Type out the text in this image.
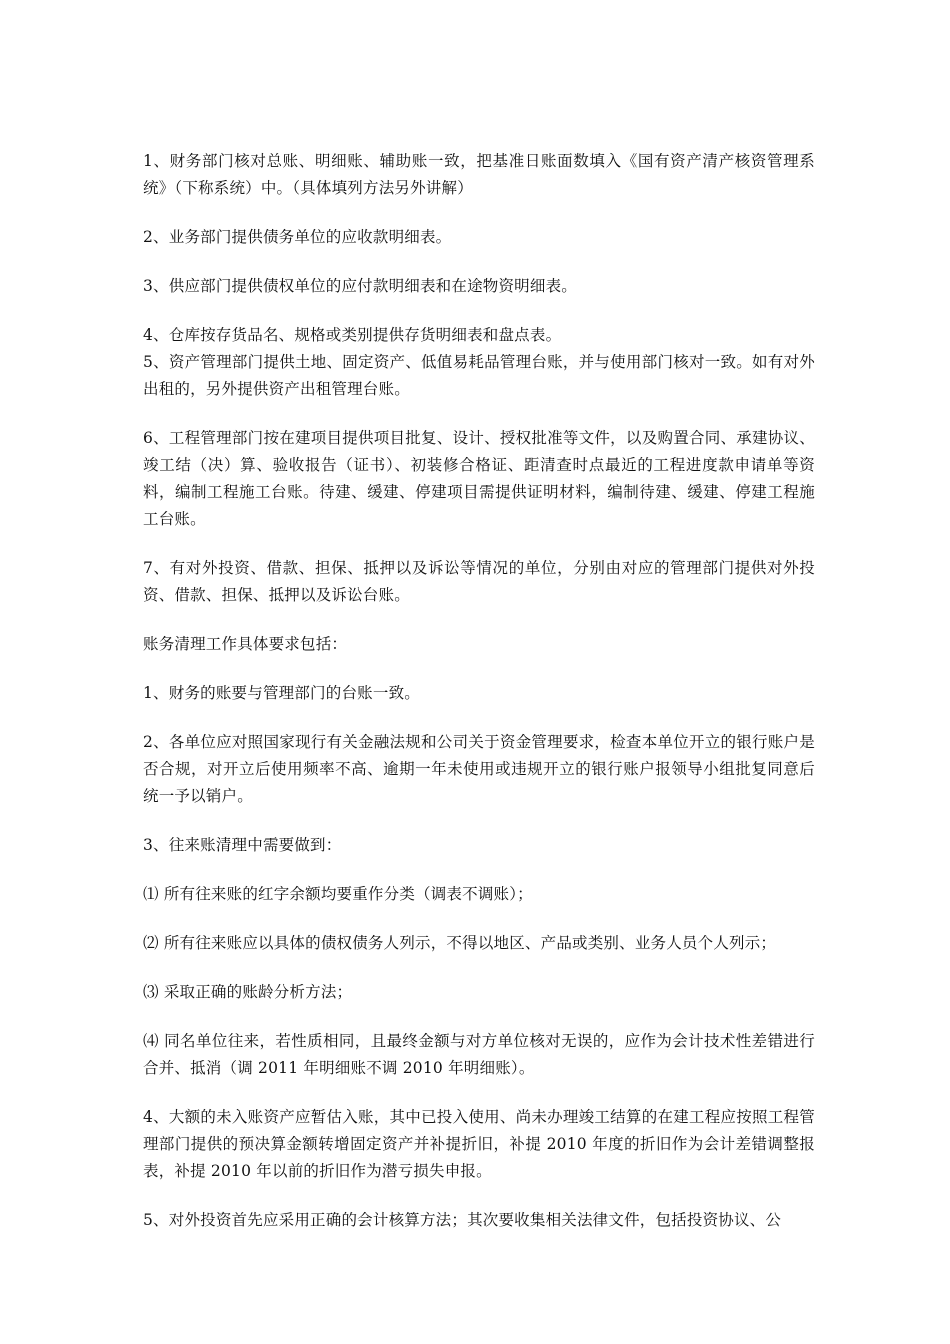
1、财务部门核对总账、明细账、辅助账一致，把基准日账面数填入《国有资产清产核资管理系统》（下称系统）中。（具体填列方法另外讲解）

2、业务部门提供债务单位的应收款明细表。

3、供应部门提供债权单位的应付款明细表和在途物资明细表。

4、仓库按存货品名、规格或类别提供存货明细表和盘点表。

5、资产管理部门提供土地、固定资产、低值易耗品管理台账，并与使用部门核对一致。如有对外出租的，另外提供资产出租管理台账。

6、工程管理部门按在建项目提供项目批复、设计、授权批准等文件，以及购置合同、承建协议、竣工结（决）算、验收报告（证书）、初装修合格证、距清查时点最近的工程进度款申请单等资料，编制工程施工台账。待建、缓建、停建项目需提供证明材料，编制待建、缓建、停建工程施工台账。

7、有对外投资、借款、担保、抵押以及诉讼等情况的单位，分别由对应的管理部门提供对外投资、借款、担保、抵押以及诉讼台账。

账务清理工作具体要求包括：

1、财务的账要与管理部门的台账一致。

2、各单位应对照国家现行有关金融法规和公司关于资金管理要求，检查本单位开立的银行账户是否合规，对开立后使用频率不高、逾期一年未使用或违规开立的银行账户报领导小组批复同意后统一予以销户。

3、往来账清理中需要做到：

⑴ 所有往来账的红字余额均要重作分类（调表不调账）；

⑵ 所有往来账应以具体的债权债务人列示，不得以地区、产品或类别、业务人员个人列示；

⑶ 采取正确的账龄分析方法；

⑷ 同名单位往来，若性质相同，且最终金额与对方单位核对无误的，应作为会计技术性差错进行合并、抵消（调 2011 年明细账不调 2010 年明细账）。

4、大额的未入账资产应暂估入账，其中已投入使用、尚未办理竣工结算的在建工程应按照工程管理部门提供的预决算金额转增固定资产并补提折旧，补提 2010 年度的折旧作为会计差错调整报表，补提 2010 年以前的折旧作为潜亏损失申报。

5、对外投资首先应采用正确的会计核算方法；其次要收集相关法律文件，包括投资协议、公
